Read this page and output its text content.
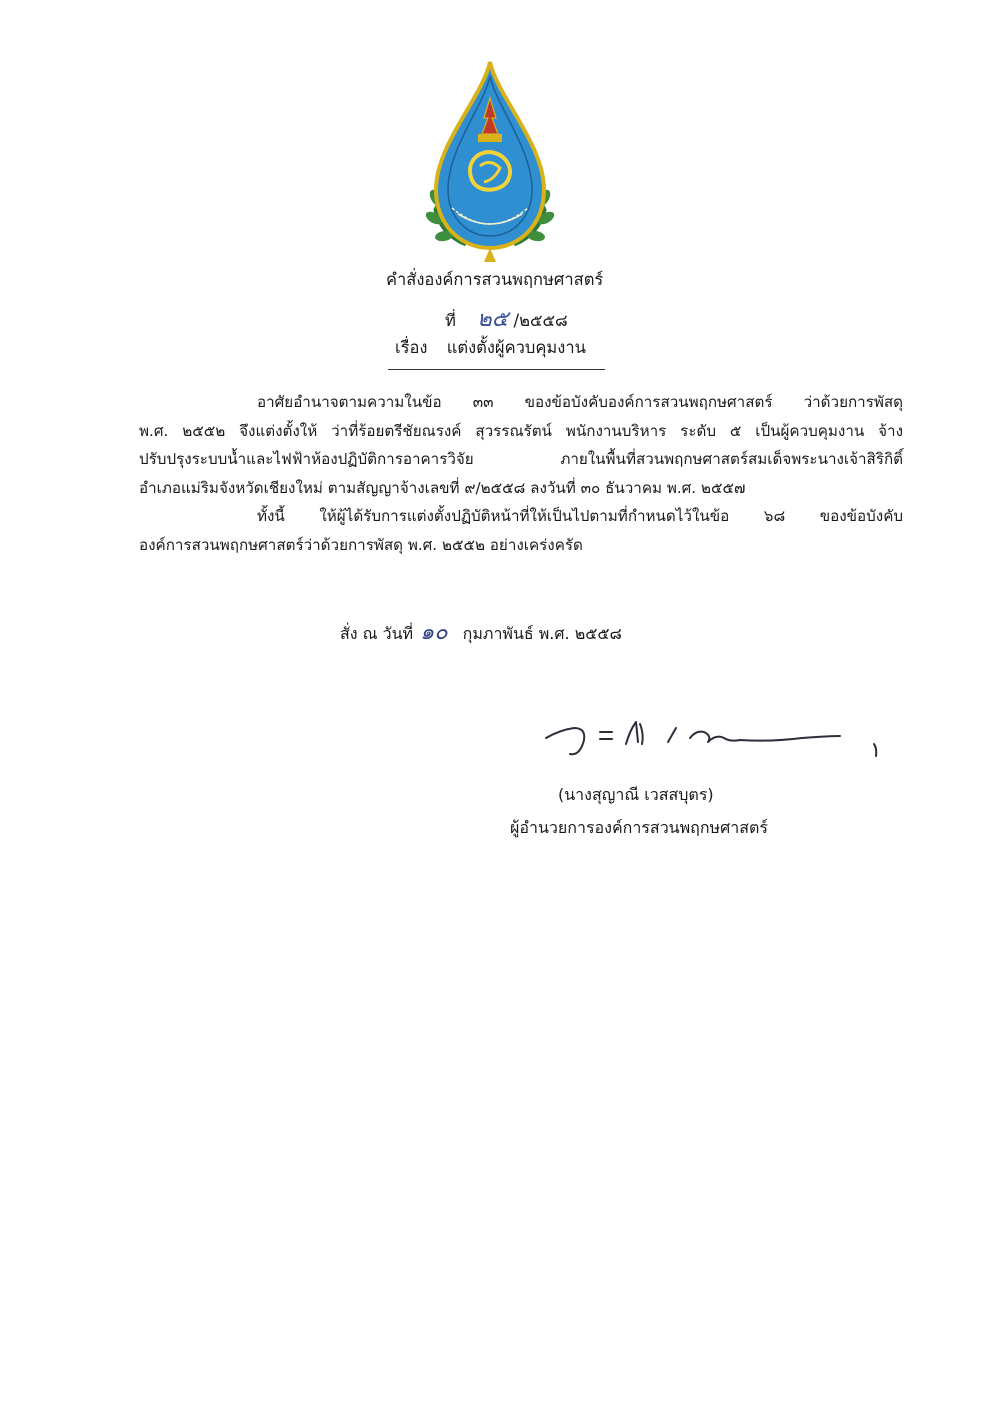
คำสั่งองค์การสวนพฤกษศาสตร์
ที่ ๒๕ /๒๕๕๘
เรื่อง แต่งตั้งผู้ควบคุมงาน

อาศัยอำนาจตามความในข้อ ๓๓ ของข้อบังคับองค์การสวนพฤกษศาสตร์ ว่าด้วยการพัสดุ

พ.ศ. ๒๕๕๒ จึงแต่งตั้งให้ ว่าที่ร้อยตรีชัยณรงค์ สุวรรณรัตน์ พนักงานบริหาร ระดับ ๕ เป็นผู้ควบคุมงาน จ้าง

ปรับปรุงระบบน้ำและไฟฟ้าห้องปฏิบัติการอาคารวิจัย ภายในพื้นที่สวนพฤกษศาสตร์สมเด็จพระนางเจ้าสิริกิติ์

อำเภอแม่ริมจังหวัดเชียงใหม่ ตามสัญญาจ้างเลขที่ ๙/๒๕๕๘ ลงวันที่ ๓๐ ธันวาคม พ.ศ. ๒๕๕๗

ทั้งนี้ ให้ผู้ได้รับการแต่งตั้งปฏิบัติหน้าที่ให้เป็นไปตามที่กำหนดไว้ในข้อ ๖๘ ของข้อบังคับ

องค์การสวนพฤกษศาสตร์ว่าด้วยการพัสดุ พ.ศ. ๒๕๕๒ อย่างเคร่งครัด

สั่ง ณ วันที่ ๑๐ กุมภาพันธ์ พ.ศ. ๒๕๕๘
(นางสุญาณี เวสสบุตร)
ผู้อำนวยการองค์การสวนพฤกษศาสตร์
